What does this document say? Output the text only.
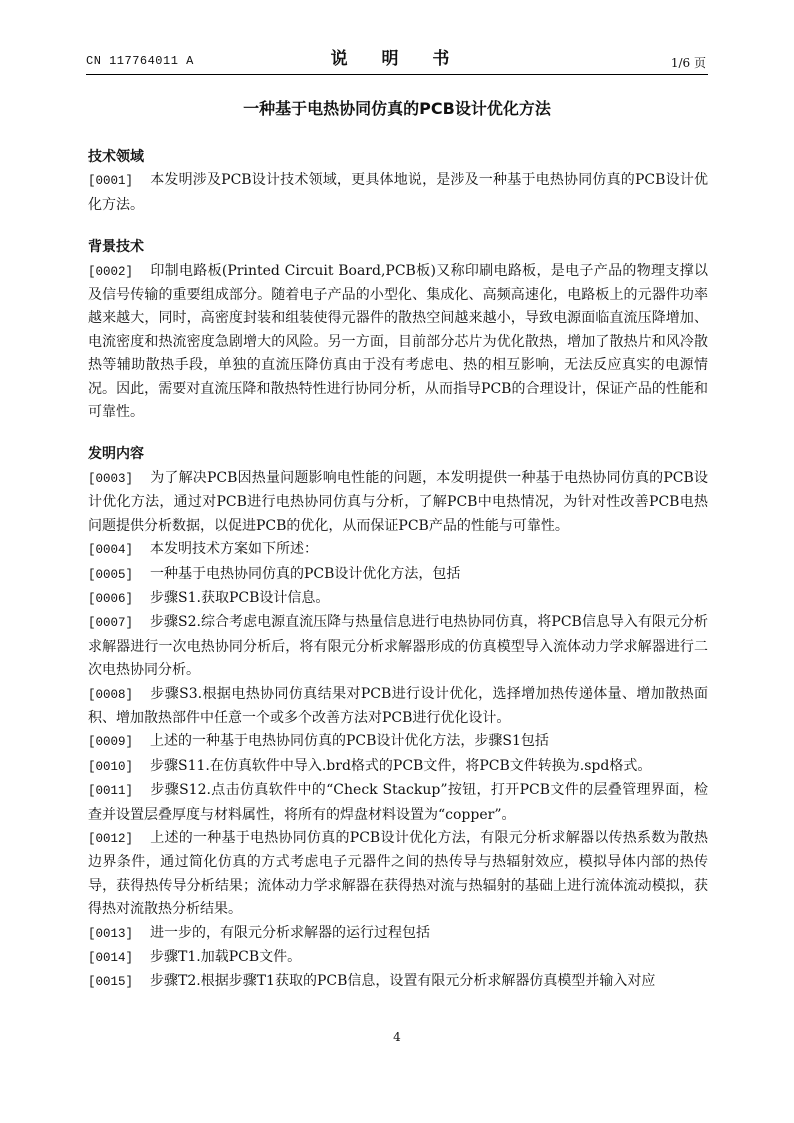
CN 117764011 A	说 明 书	1/6 页
一种基于电热协同仿真的PCB设计优化方法
技术领域
[0001] 本发明涉及PCB设计技术领域，更具体地说，是涉及一种基于电热协同仿真的PCB设计优化方法。
背景技术
[0002] 印制电路板(Printed Circuit Board,PCB板)又称印刷电路板，是电子产品的物理支撑以及信号传输的重要组成部分。随着电子产品的小型化、集成化、高频高速化，电路板上的元器件功率越来越大，同时，高密度封装和组装使得元器件的散热空间越来越小，导致电源面临直流压降增加、电流密度和热流密度急剧增大的风险。另一方面，目前部分芯片为优化散热，增加了散热片和风冷散热等辅助散热手段，单独的直流压降仿真由于没有考虑电、热的相互影响，无法反应真实的电源情况。因此，需要对直流压降和散热特性进行协同分析，从而指导PCB的合理设计，保证产品的性能和可靠性。
发明内容
[0003] 为了解决PCB因热量问题影响电性能的问题，本发明提供一种基于电热协同仿真的PCB设计优化方法，通过对PCB进行电热协同仿真与分析，了解PCB中电热情况，为针对性改善PCB电热问题提供分析数据，以促进PCB的优化，从而保证PCB产品的性能与可靠性。
[0004] 本发明技术方案如下所述：
[0005] 一种基于电热协同仿真的PCB设计优化方法，包括
[0006] 步骤S1.获取PCB设计信息。
[0007] 步骤S2.综合考虑电源直流压降与热量信息进行电热协同仿真，将PCB信息导入有限元分析求解器进行一次电热协同分析后，将有限元分析求解器形成的仿真模型导入流体动力学求解器进行二次电热协同分析。
[0008] 步骤S3.根据电热协同仿真结果对PCB进行设计优化，选择增加热传递体量、增加散热面积、增加散热部件中任意一个或多个改善方法对PCB进行优化设计。
[0009] 上述的一种基于电热协同仿真的PCB设计优化方法，步骤S1包括
[0010] 步骤S11.在仿真软件中导入.brd格式的PCB文件，将PCB文件转换为.spd格式。
[0011] 步骤S12.点击仿真软件中的“Check Stackup”按钮，打开PCB文件的层叠管理界面，检查并设置层叠厚度与材料属性，将所有的焊盘材料设置为“copper”。
[0012] 上述的一种基于电热协同仿真的PCB设计优化方法，有限元分析求解器以传热系数为散热边界条件，通过简化仿真的方式考虑电子元器件之间的热传导与热辐射效应，模拟导体内部的热传导，获得热传导分析结果；流体动力学求解器在获得热对流与热辐射的基础上进行流体流动模拟，获得热对流散热分析结果。
[0013] 进一步的，有限元分析求解器的运行过程包括
[0014] 步骤T1.加载PCB文件。
[0015] 步骤T2.根据步骤T1获取的PCB信息，设置有限元分析求解器仿真模型并输入对应
4
